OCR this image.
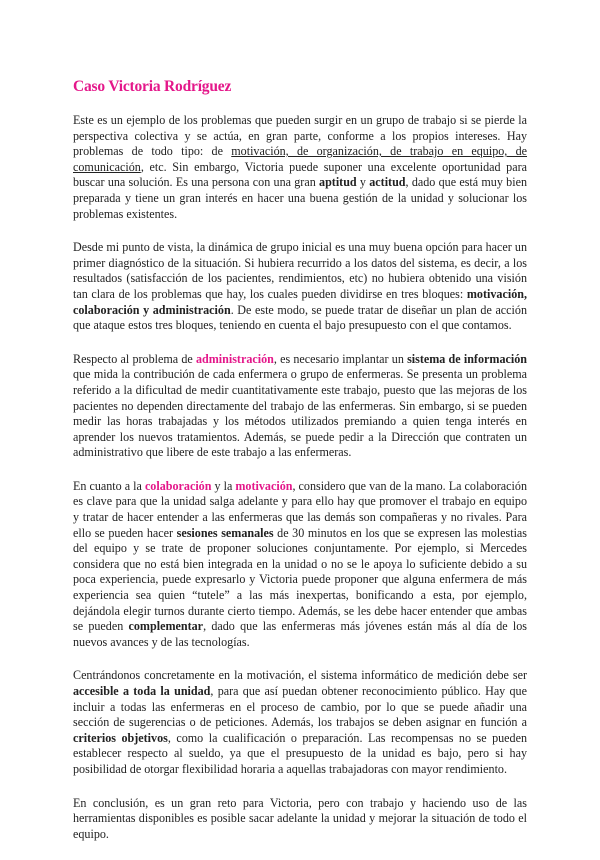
Caso Victoria Rodríguez

Este es un ejemplo de los problemas que pueden surgir en un grupo de trabajo si se pierde la perspectiva colectiva y se actúa, en gran parte, conforme a los propios intereses. Hay problemas de todo tipo: de motivación, de organización, de trabajo en equipo, de comunicación, etc. Sin embargo, Victoria puede suponer una excelente oportunidad para buscar una solución. Es una persona con una gran aptitud y actitud, dado que está muy bien preparada y tiene un gran interés en hacer una buena gestión de la unidad y solucionar los problemas existentes.

Desde mi punto de vista, la dinámica de grupo inicial es una muy buena opción para hacer un primer diagnóstico de la situación. Si hubiera recurrido a los datos del sistema, es decir, a los resultados (satisfacción de los pacientes, rendimientos, etc) no hubiera obtenido una visión tan clara de los problemas que hay, los cuales pueden dividirse en tres bloques: motivación, colaboración y administración. De este modo, se puede tratar de diseñar un plan de acción que ataque estos tres bloques, teniendo en cuenta el bajo presupuesto con el que contamos.

Respecto al problema de administración, es necesario implantar un sistema de información que mida la contribución de cada enfermera o grupo de enfermeras. Se presenta un problema referido a la dificultad de medir cuantitativamente este trabajo, puesto que las mejoras de los pacientes no dependen directamente del trabajo de las enfermeras. Sin embargo, si se pueden medir las horas trabajadas y los métodos utilizados premiando a quien tenga interés en aprender los nuevos tratamientos. Además, se puede pedir a la Dirección que contraten un administrativo que libere de este trabajo a las enfermeras.

En cuanto a la colaboración y la motivación, considero que van de la mano. La colaboración es clave para que la unidad salga adelante y para ello hay que promover el trabajo en equipo y tratar de hacer entender a las enfermeras que las demás son compañeras y no rivales. Para ello se pueden hacer sesiones semanales de 30 minutos en los que se expresen las molestias del equipo y se trate de proponer soluciones conjuntamente. Por ejemplo, si Mercedes considera que no está bien integrada en la unidad o no se le apoya lo suficiente debido a su poca experiencia, puede expresarlo y Victoria puede proponer que alguna enfermera de más experiencia sea quien “tutele” a las más inexpertas, bonificando a esta, por ejemplo, dejándola elegir turnos durante cierto tiempo. Además, se les debe hacer entender que ambas se pueden complementar, dado que las enfermeras más jóvenes están más al día de los nuevos avances y de las tecnologías.

Centrándonos concretamente en la motivación, el sistema informático de medición debe ser accesible a toda la unidad, para que así puedan obtener reconocimiento público. Hay que incluir a todas las enfermeras en el proceso de cambio, por lo que se puede añadir una sección de sugerencias o de peticiones. Además, los trabajos se deben asignar en función a criterios objetivos, como la cualificación o preparación. Las recompensas no se pueden establecer respecto al sueldo, ya que el presupuesto de la unidad es bajo, pero si hay posibilidad de otorgar flexibilidad horaria a aquellas trabajadoras con mayor rendimiento.

En conclusión, es un gran reto para Victoria, pero con trabajo y haciendo uso de las herramientas disponibles es posible sacar adelante la unidad y mejorar la situación de todo el equipo.
